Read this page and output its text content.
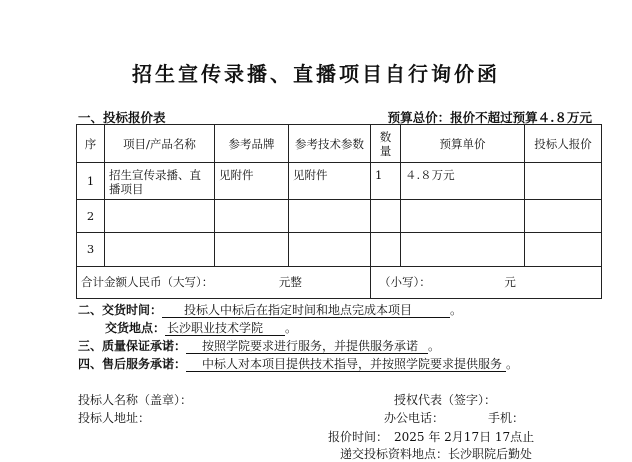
招生宣传录播、直播项目自行询价函
一、投标报价表	预算总价：报价不超过预算４.８万元
序	项目/产品名称	参考品牌	参考技术参数	数量	预算单价	投标人报价
1	招生宣传录播、直播项目	见附件	见附件	1	４.８万元	
2						
3						
合计金额人民币（大写）： 元整				（小写）： 元		
二、交货时间： 投标人中标后在指定时间和地点完成本项目	。
交货地点： 长沙职业技术学院 。
三、质量保证承诺： 按照学院要求进行服务，并提供服务承诺 。
四、售后服务承诺： 中标人对本项目提供技术指导，并按照学院要求提供服务 。
投标人名称（盖章）：	授权代表（签字）：
投标人地址：	办公电话：	手机：
报价时间：　2025 年 2月17日 17点止
递交投标资料地点：长沙职院后勤处
